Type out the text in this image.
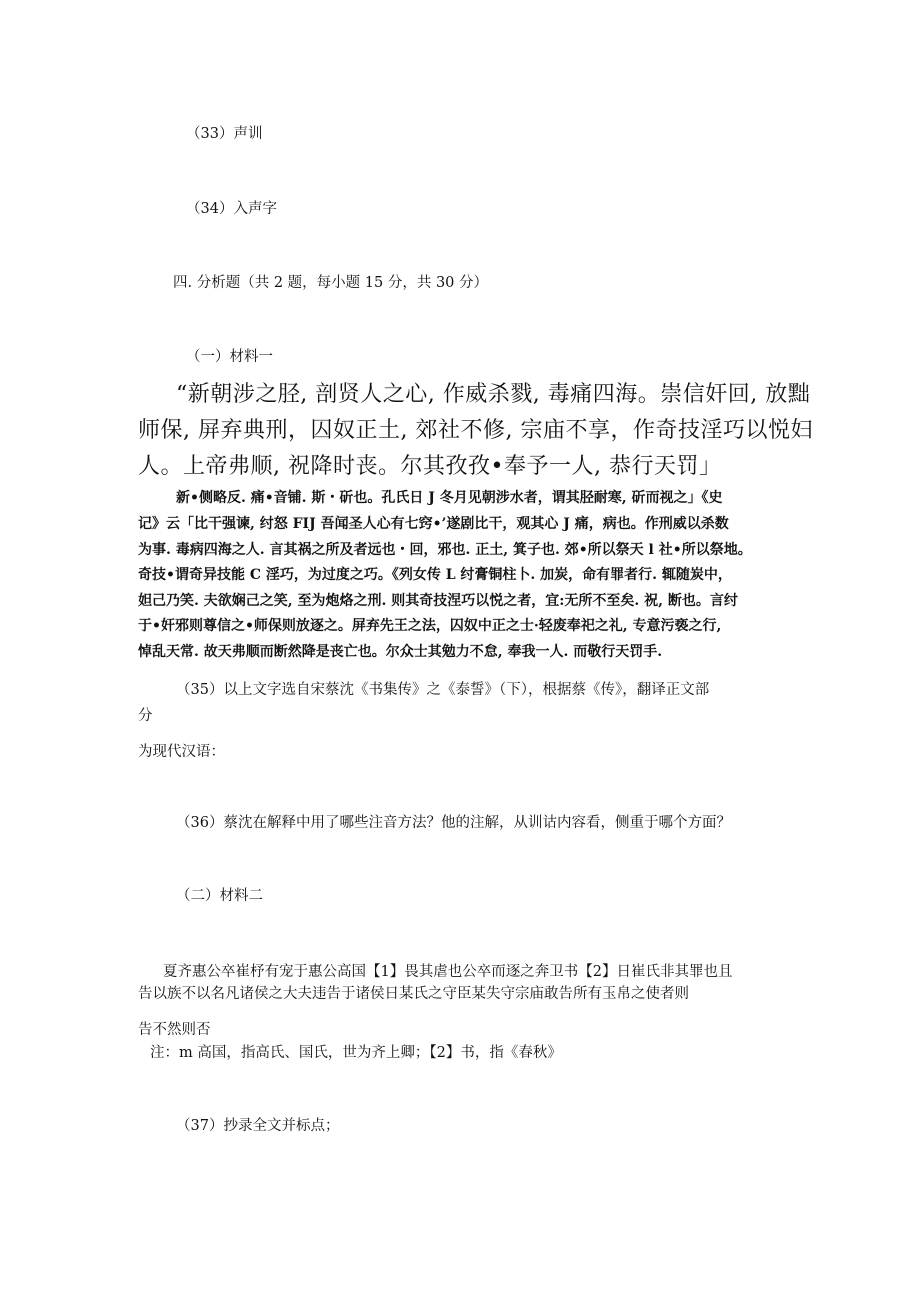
（33）声训

（34）入声字

四. 分析题（共 2 题，每小题 15 分，共 30 分）

（一）材料一

“新朝涉之胫, 剖贤人之心, 作威杀戮, 毒痛四海。崇信奸回, 放黜

师保, 屏弃典刑，囚奴正土, 郊社不修, 宗庙不享，作奇技淫巧以悦妇

人。上帝弗顺, 祝降时丧。尔其孜孜•奉予一人, 恭行天罚」

新•侧略反. 痛•音铺. 斯・斫也。孔氏日 J 冬月见朝涉水者，谓其胫耐寒, 斫而视之」《史

记》云「比干强谏, 纣怒 FIJ 吾闻圣人心有七窍•’遂剧比干，观其心 J 痛，病也。作刑威以杀数

为事. 毒病四海之人. 言其祸之所及者远也・回，邪也. 正土, 箕子也. 郊•所以祭天 l 社•所以祭地。

奇技•谓奇异技能 C 淫巧，为过度之巧。《列女传 L 纣膏铜柱卜. 加炭，命有罪者行. 辄随炭中，

妲己乃笑. 夫欲娴己之笑, 至为炮烙之刑. 则其奇技涅巧以悦之者，宜:无所不至矣. 祝, 断也。言纣

于•奸邪则尊信之•师保则放逐之。屏弃先王之法，囚奴中正之士·轻废奉祀之礼, 专意污亵之行,

悼乱天常. 故天弗顺而断然降是丧亡也。尔众士其勉力不怠, 奉我一人. 而敬行天罚手.

（35）以上文字选自宋蔡沈《书集传》之《泰誓》（下），根据蔡《传》，翻译正文部

分

为现代汉语：

（36）蔡沈在解释中用了哪些注音方法？他的注解，从训诂内容看，侧重于哪个方面？

（二）材料二

夏齐惠公卒崔杼有宠于惠公高国【1】畏其虐也公卒而逐之奔卫书【2】日崔氏非其罪也且

告以族不以名凡诸侯之大夫违告于诸侯日某氏之守臣某失守宗庙敢告所有玉帛之使者则

告不然则否

注：m 高国，指高氏、国氏，世为齐上卿；【2】书，指《春秋》

（37）抄录全文并标点；
